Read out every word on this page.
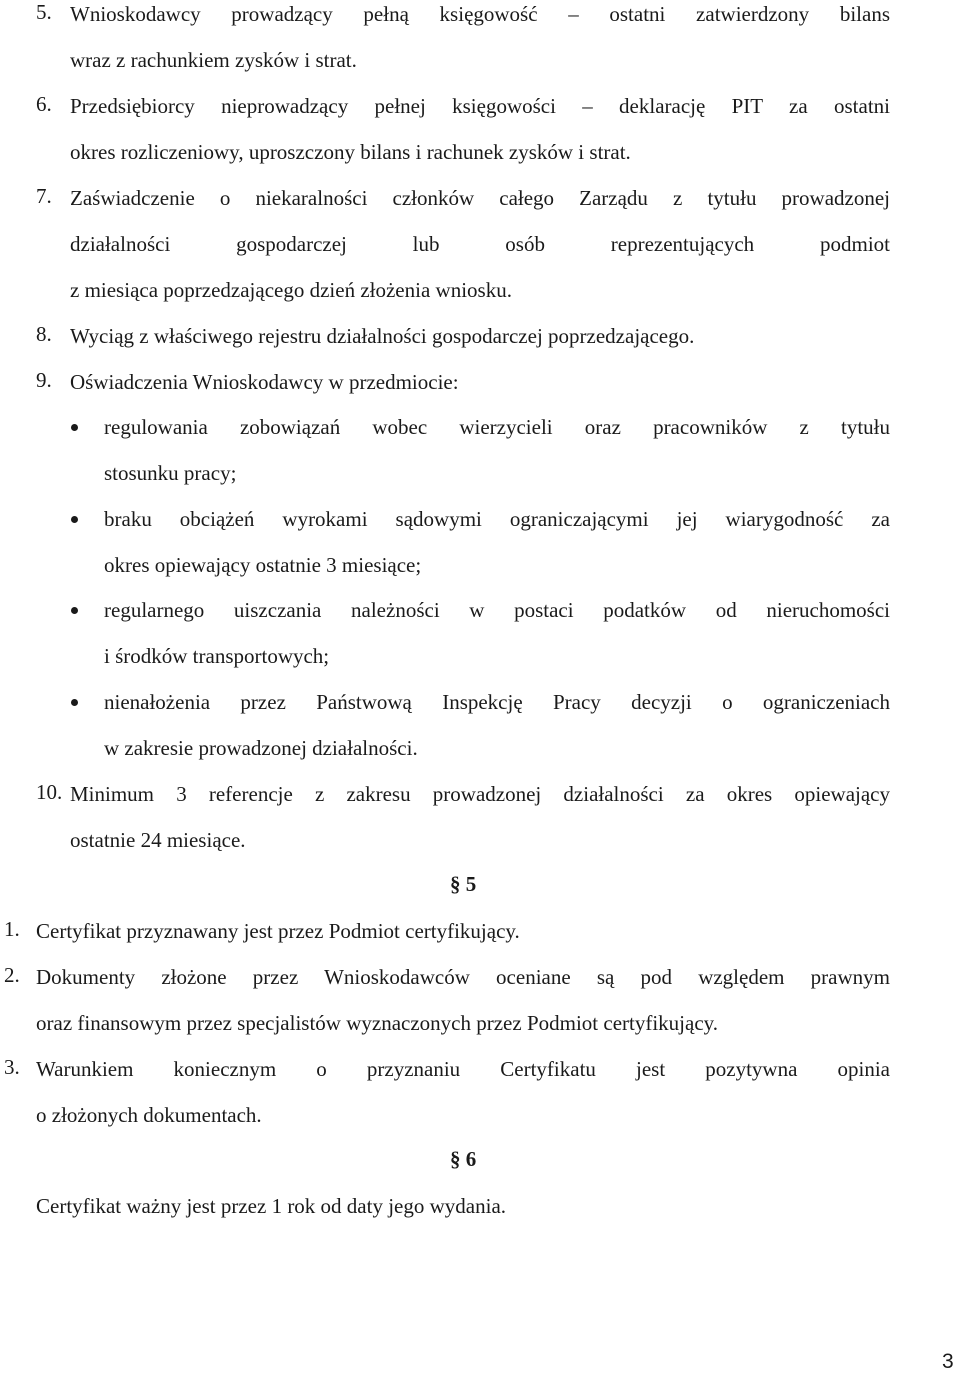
5. Wnioskodawcy prowadzący pełną księgowość – ostatni zatwierdzony bilans
wraz z rachunkiem zysków i strat.
6. Przedsiębiorcy nieprowadzący pełnej księgowości – deklarację PIT za ostatni
okres rozliczeniowy, uproszczony bilans i rachunek zysków i strat.
7. Zaświadczenie o niekaralności członków całego Zarządu z tytułu prowadzonej
działalności gospodarczej lub osób reprezentujących podmiot
z miesiąca poprzedzającego dzień złożenia wniosku.
8. Wyciąg z właściwego rejestru działalności gospodarczej poprzedzającego.
9. Oświadczenia Wnioskodawcy w przedmiocie:
regulowania zobowiązań wobec wierzycieli oraz pracowników z tytułu
stosunku pracy;
braku obciążeń wyrokami sądowymi ograniczającymi jej wiarygodność za
okres opiewający ostatnie 3 miesiące;
regularnego uiszczania należności w postaci podatków od nieruchomości
i środków transportowych;
nienałożenia przez Państwową Inspekcję Pracy decyzji o ograniczeniach
w zakresie prowadzonej działalności.
10. Minimum 3 referencje z zakresu prowadzonej działalności za okres opiewający
ostatnie 24 miesiące.
§ 5
1. Certyfikat przyznawany jest przez Podmiot certyfikujący.
2. Dokumenty złożone przez Wnioskodawców oceniane są pod względem prawnym
oraz finansowym przez specjalistów wyznaczonych przez Podmiot certyfikujący.
3. Warunkiem koniecznym o przyznaniu Certyfikatu jest pozytywna opinia
o złożonych dokumentach.
§ 6
Certyfikat ważny jest przez 1 rok od daty jego wydania.
3
